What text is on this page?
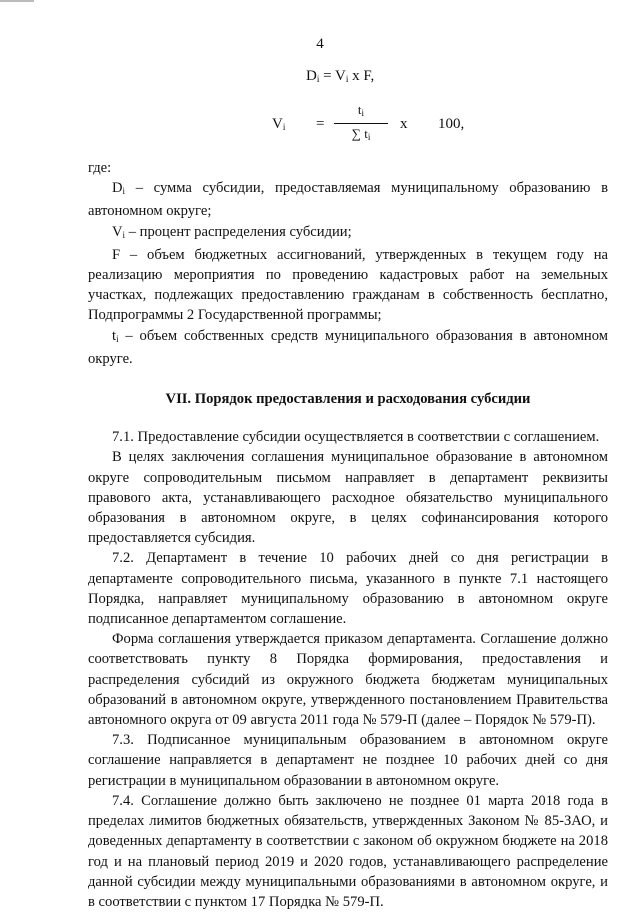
4
$D_i = V_i$ x F,
$V_i$ =
$t_i$
∑ $t_i$
x 100,

где:

$D_i$ – сумма субсидии, предоставляемая муниципальному образованию в автономном округе;

$V_i$ – процент распределения субсидии;

F – объем бюджетных ассигнований, утвержденных в текущем году на реализацию мероприятия по проведению кадастровых работ на земельных участках, подлежащих предоставлению гражданам в собственность бесплатно, Подпрограммы 2 Государственной программы;

$t_i$ – объем собственных средств муниципального образования в автономном округе.

VII. Порядок предоставления и расходования субсидии

7.1. Предоставление субсидии осуществляется в соответствии с соглашением.

В целях заключения соглашения муниципальное образование в автономном округе сопроводительным письмом направляет в департамент реквизиты правового акта, устанавливающего расходное обязательство муниципального образования в автономном округе, в целях софинансирования которого предоставляется субсидия.

7.2. Департамент в течение 10 рабочих дней со дня регистрации в департаменте сопроводительного письма, указанного в пункте 7.1 настоящего Порядка, направляет муниципальному образованию в автономном округе подписанное департаментом соглашение.

Форма соглашения утверждается приказом департамента. Соглашение должно соответствовать пункту 8 Порядка формирования, предоставления и распределения субсидий из окружного бюджета бюджетам муниципальных образований в автономном округе, утвержденного постановлением Правительства автономного округа от 09 августа 2011 года № 579-П (далее – Порядок № 579-П).

7.3. Подписанное муниципальным образованием в автономном округе соглашение направляется в департамент не позднее 10 рабочих дней со дня регистрации в муниципальном образовании в автономном округе.

7.4. Соглашение должно быть заключено не позднее 01 марта 2018 года в пределах лимитов бюджетных обязательств, утвержденных Законом № 85-ЗАО, и доведенных департаменту в соответствии с законом об окружном бюджете на 2018 год и на плановый период 2019 и 2020 годов, устанавливающего распределение данной субсидии между муниципальными образованиями в автономном округе, и в соответствии с пунктом 17 Порядка № 579-П.
